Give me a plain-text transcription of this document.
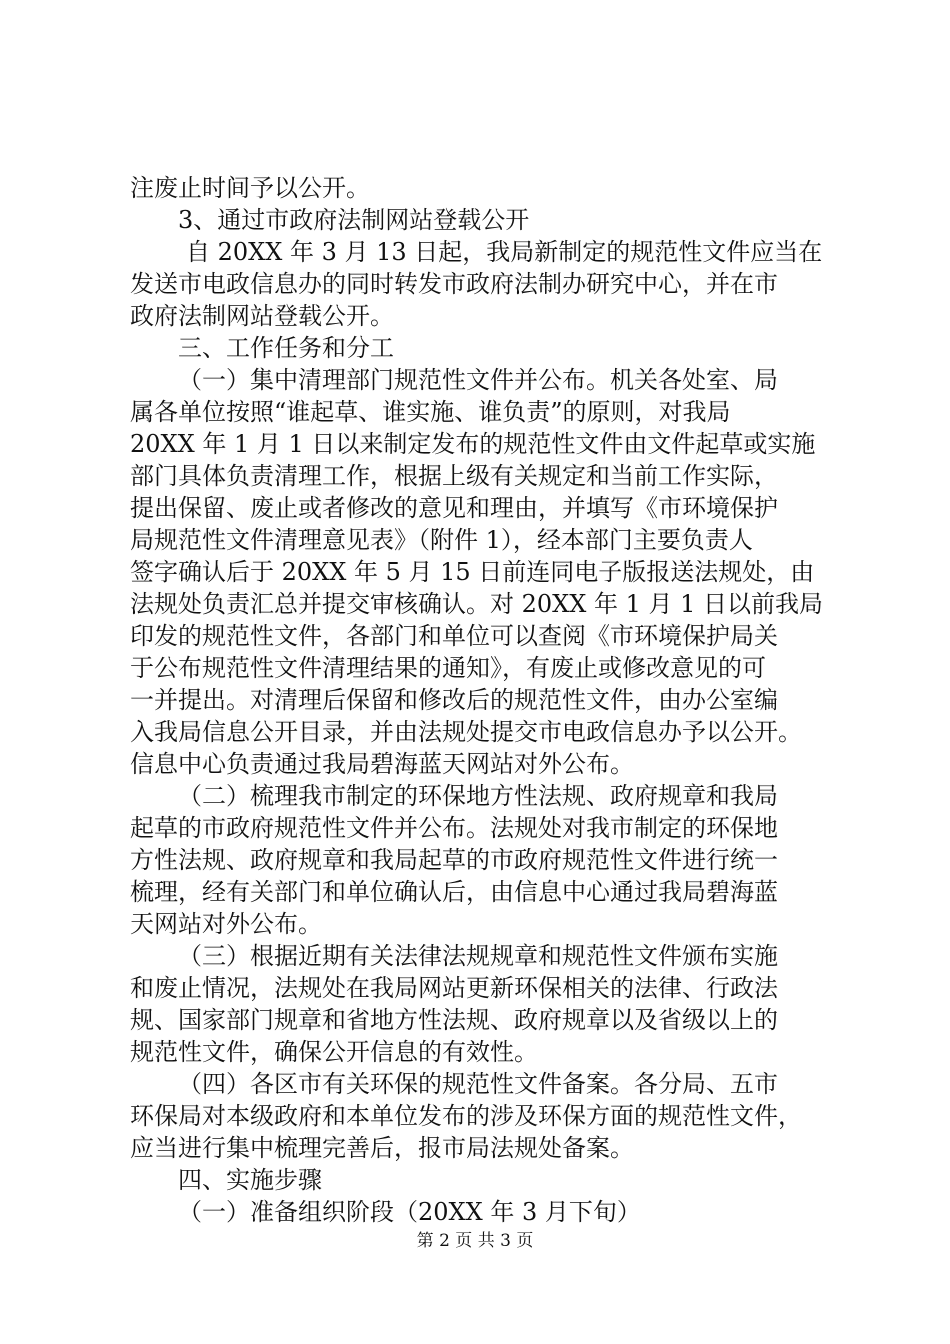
注废止时间予以公开。
3、通过市政府法制网站登载公开
自 20XX 年 3 月 13 日起，我局新制定的规范性文件应当在
发送市电政信息办的同时转发市政府法制办研究中心，并在市
政府法制网站登载公开。
三、工作任务和分工
（一）集中清理部门规范性文件并公布。机关各处室、局
属各单位按照“谁起草、谁实施、谁负责”的原则，对我局
20XX 年 1 月 1 日以来制定发布的规范性文件由文件起草或实施
部门具体负责清理工作，根据上级有关规定和当前工作实际，
提出保留、废止或者修改的意见和理由，并填写《市环境保护
局规范性文件清理意见表》（附件 1），经本部门主要负责人
签字确认后于 20XX 年 5 月 15 日前连同电子版报送法规处，由
法规处负责汇总并提交审核确认。对 20XX 年 1 月 1 日以前我局
印发的规范性文件，各部门和单位可以查阅《市环境保护局关
于公布规范性文件清理结果的通知》，有废止或修改意见的可
一并提出。对清理后保留和修改后的规范性文件，由办公室编
入我局信息公开目录，并由法规处提交市电政信息办予以公开。
信息中心负责通过我局碧海蓝天网站对外公布。
（二）梳理我市制定的环保地方性法规、政府规章和我局
起草的市政府规范性文件并公布。法规处对我市制定的环保地
方性法规、政府规章和我局起草的市政府规范性文件进行统一
梳理，经有关部门和单位确认后，由信息中心通过我局碧海蓝
天网站对外公布。
（三）根据近期有关法律法规规章和规范性文件颁布实施
和废止情况，法规处在我局网站更新环保相关的法律、行政法
规、国家部门规章和省地方性法规、政府规章以及省级以上的
规范性文件，确保公开信息的有效性。
（四）各区市有关环保的规范性文件备案。各分局、五市
环保局对本级政府和本单位发布的涉及环保方面的规范性文件，
应当进行集中梳理完善后，报市局法规处备案。
四、实施步骤
（一）准备组织阶段（20XX 年 3 月下旬）
第 2 页 共 3 页
